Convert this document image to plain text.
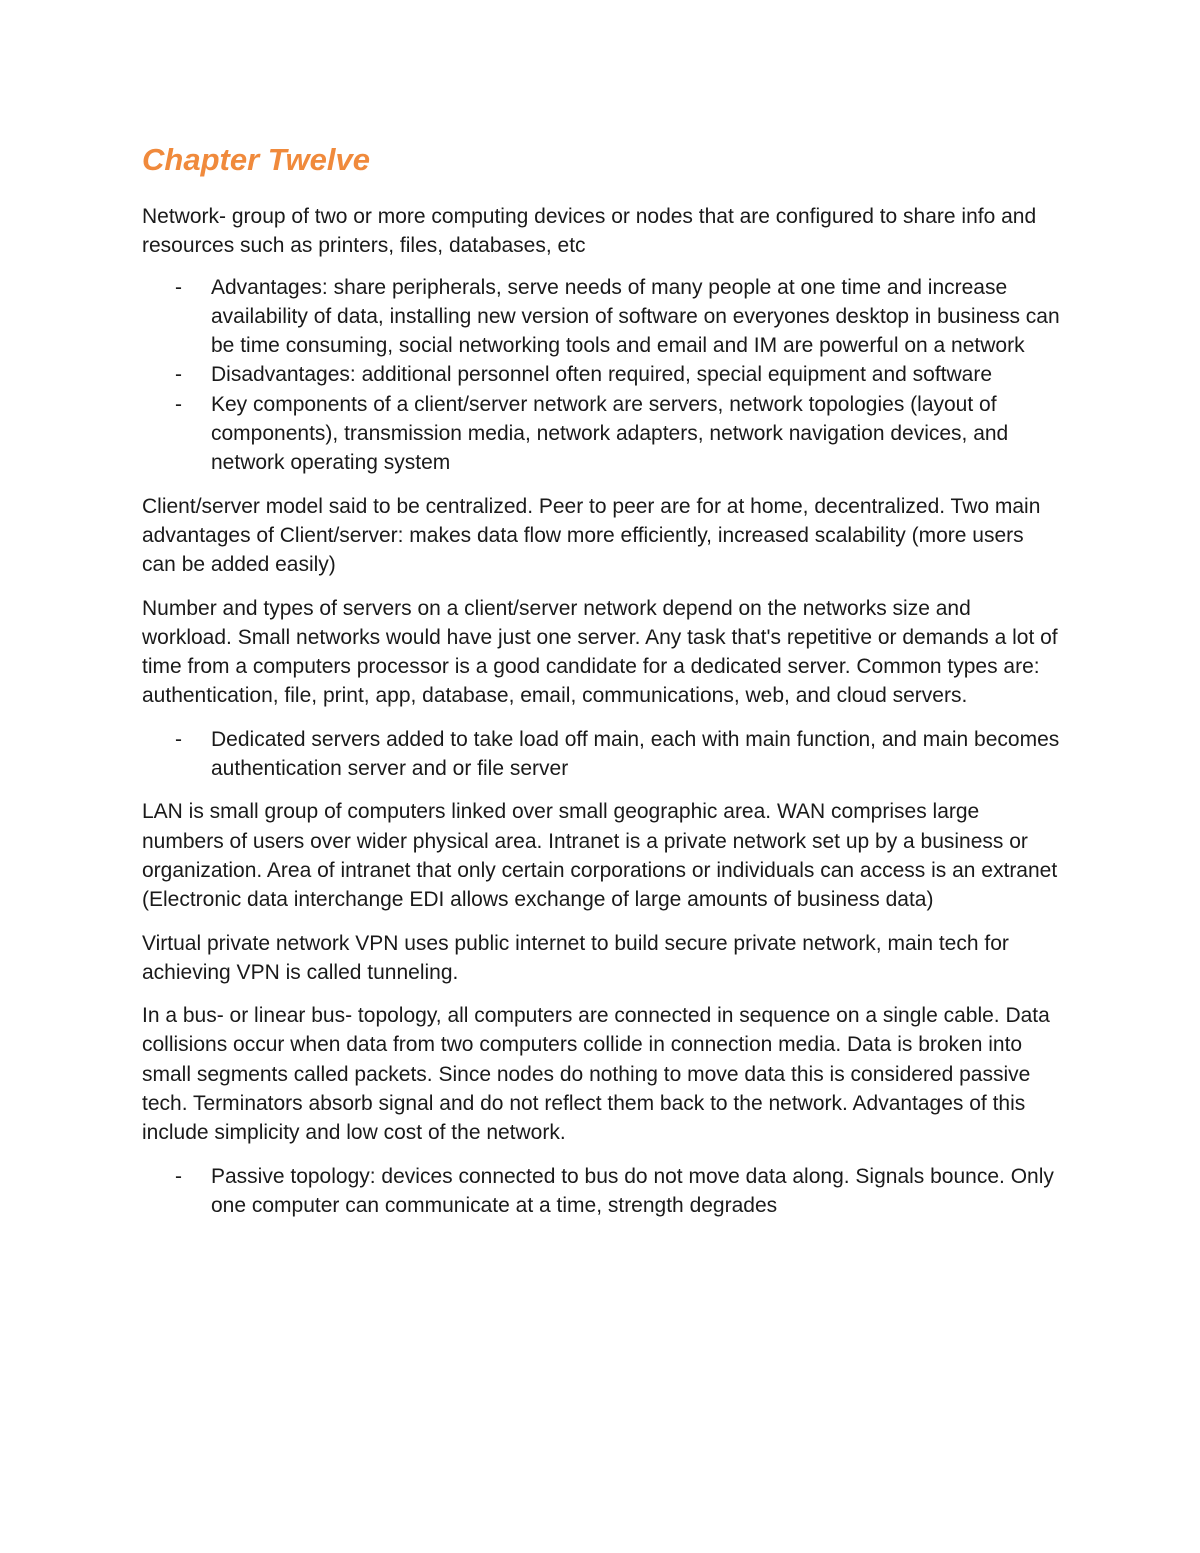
Chapter Twelve

Network- group of two or more computing devices or nodes that are configured to share info and resources such as printers, files, databases, etc

- Advantages: share peripherals, serve needs of many people at one time and increase availability of data, installing new version of software on everyones desktop in business can be time consuming, social networking tools and email and IM are powerful on a network
- Disadvantages: additional personnel often required, special equipment and software
- Key components of a client/server network are servers, network topologies (layout of components), transmission media, network adapters, network navigation devices, and network operating system

Client/server model said to be centralized. Peer to peer are for at home, decentralized. Two main advantages of Client/server: makes data flow more efficiently, increased scalability (more users can be added easily)

Number and types of servers on a client/server network depend on the networks size and workload. Small networks would have just one server. Any task that's repetitive or demands a lot of time from a computers processor is a good candidate for a dedicated server. Common types are:     authentication, file, print, app, database, email, communications, web, and cloud servers.

- Dedicated servers added to take load off main, each with main function, and main becomes authentication server and or file server

LAN is small group of computers linked over small geographic area. WAN comprises large numbers of users over wider physical area. Intranet is a private network set up by a business or organization. Area of intranet that only certain corporations or individuals can access is an extranet (Electronic data interchange EDI allows exchange of large amounts of business data)

Virtual private network VPN uses public internet to build secure private network, main tech for achieving VPN is called tunneling.

In a bus- or linear bus- topology, all computers are connected in sequence on a single cable. Data collisions occur when data from two computers collide in connection media. Data is broken into small segments called packets. Since nodes do nothing to move data this is considered passive tech. Terminators absorb signal and do not reflect them back to the network. Advantages of this include simplicity and low cost of the network.

- Passive topology: devices connected to bus do not move data along. Signals bounce. Only one computer can communicate at a time, strength degrades
